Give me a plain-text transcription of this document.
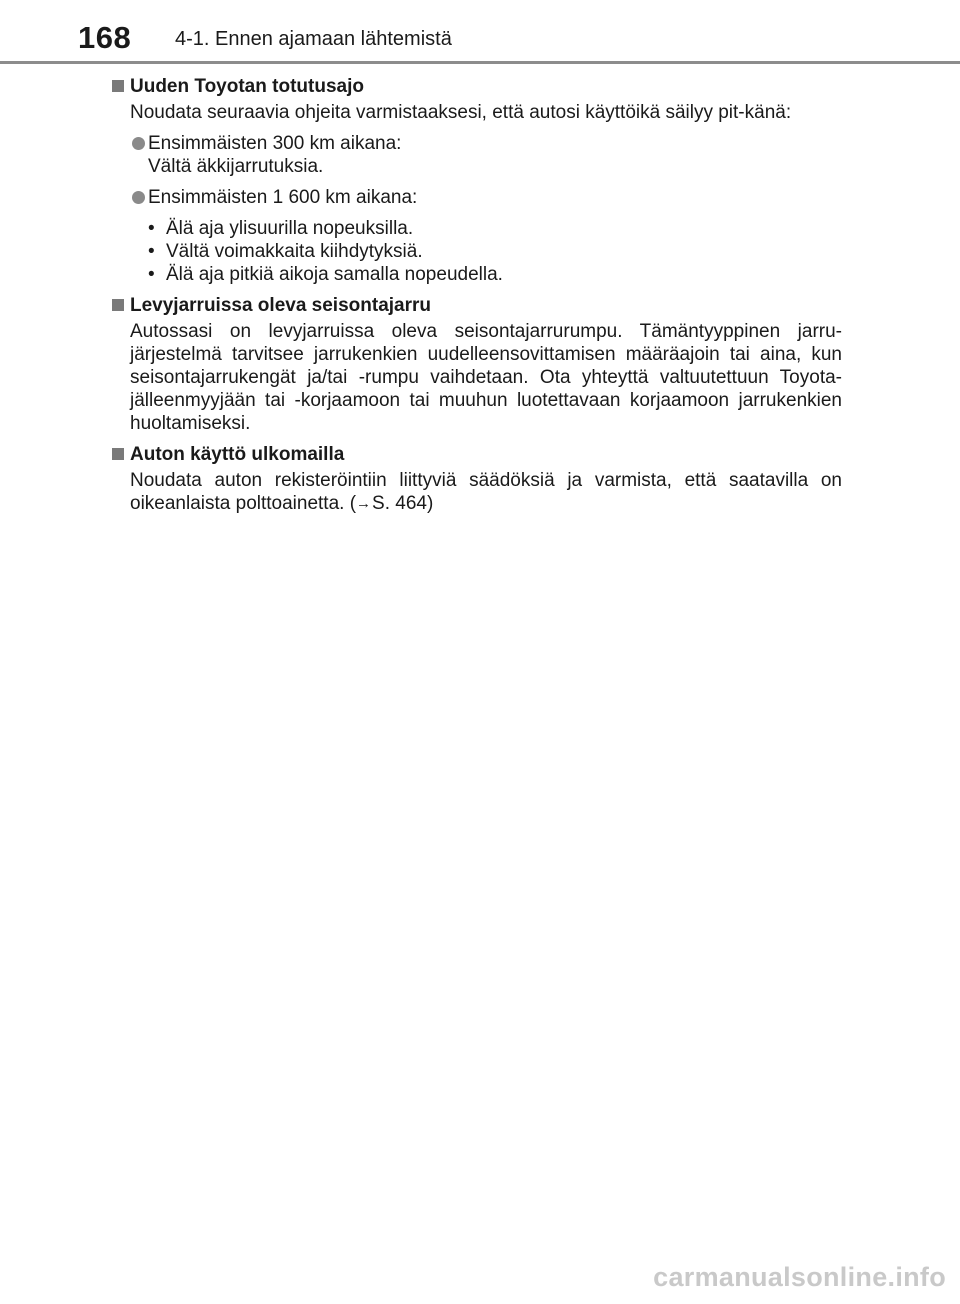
168 4-1. Ennen ajamaan lähtemistä
Uuden Toyotan totutusajo
Noudata seuraavia ohjeita varmistaaksesi, että autosi käyttöikä säilyy pit-känä:
Ensimmäisten 300 km aikana:
Vältä äkkijarrutuksia.
Ensimmäisten 1 600 km aikana:
• Älä aja ylisuurilla nopeuksilla.
• Vältä voimakkaita kiihdytyksiä.
• Älä aja pitkiä aikoja samalla nopeudella.
Levyjarruissa oleva seisontajarru
Autossasi on levyjarruissa oleva seisontajarrurumpu. Tämäntyyppinen jarru-järjestelmä tarvitsee jarrukenkien uudelleensovittamisen määräajoin tai aina, kun seisontajarrukengät ja/tai -rumpu vaihdetaan. Ota yhteyttä valtuutettuun Toyota-jälleenmyyjään tai -korjaamoon tai muuhun luotettavaan korjaamoon jarrukenkien huoltamiseksi.
Auton käyttö ulkomailla
Noudata auton rekisteröintiin liittyviä säädöksiä ja varmista, että saatavilla on oikeanlaista polttoainetta. (→S. 464)
carmanualsonline.info
